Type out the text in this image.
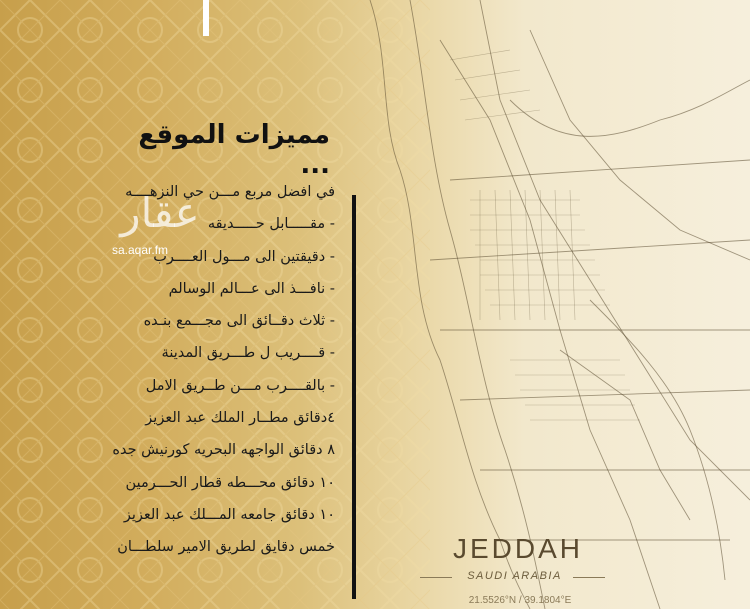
مميزات الموقع ...
عقار
sa.aqar.fm
في افضل مربع مـــن حي النزهــــه
- مقـــــابل حـــــديقه
- دقيقتين الى مـــول العــــرب
- نافـــذ الى عـــالم الوسالم
- ثلاث دقــائق الى مجـــمع بنـده
- قــــريب ل طـــريق المدينة
- بالقــــرب مـــن طــريق الامل
٤دقائق مطــار الملك عبد العزيز
٨ دقائق الواجهه البحريه كورنيش جده
١٠ دقائق محـــطه قطار الحـــرمين
١٠ دقائق جامعه المـــلك عبد العزيز
خمس دقايق لطريق الامير سلطـــان	JEDDAH
SAUDI ARABIA
21.5526°N / 39.1804°E
